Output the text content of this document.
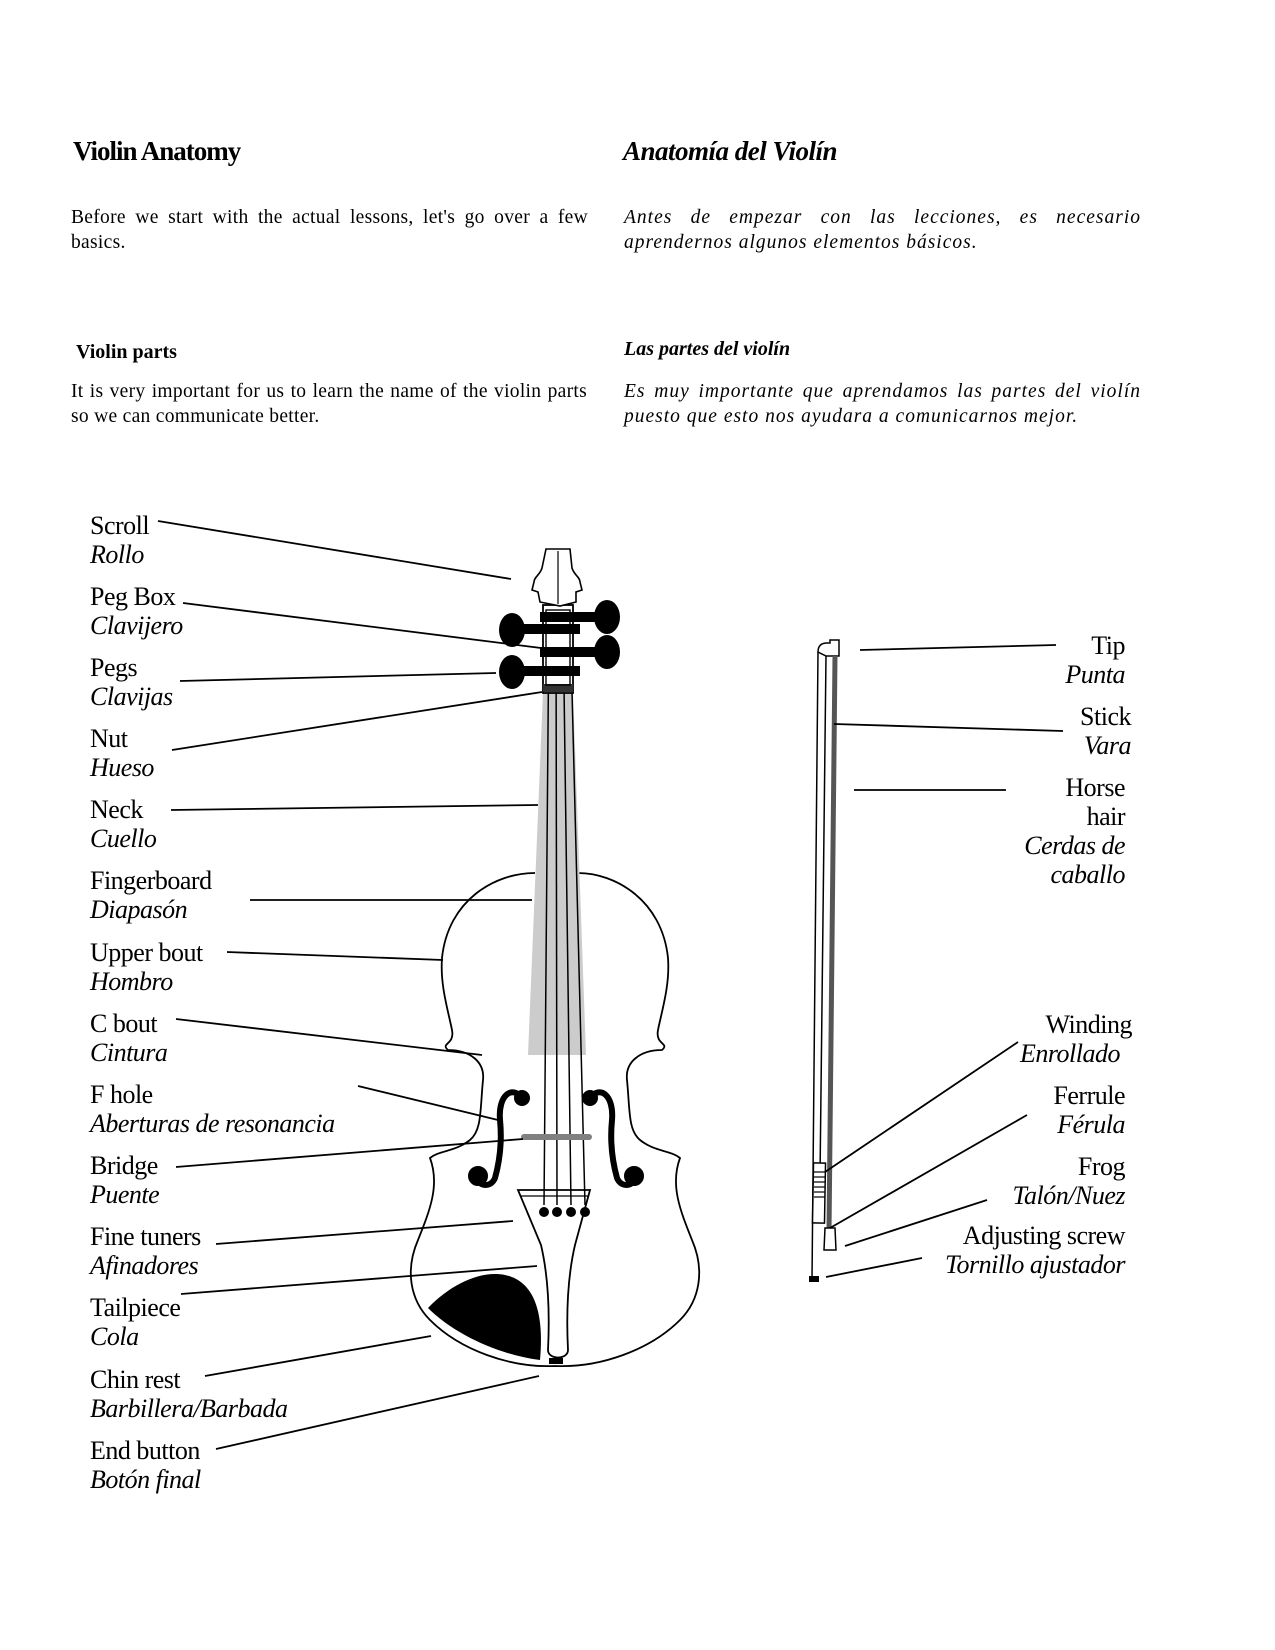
Violin Anatomy	Anatomía del Violín
Before we start with the actual lessons, let's go over a few basics.
Antes de empezar con las lecciones, es necesario aprendernos algunos elementos básicos.
Violin parts	Las partes del violín
It is very important for us to learn the name of the violin parts so we can communicate better.
Es muy importante que aprendamos las partes del violín puesto que esto nos ayudara a comunicarnos mejor.
Scroll
Rollo
Peg Box
Clavijero
Pegs
Clavijas
Nut
Hueso
Neck
Cuello
Fingerboard
Diapasón
Upper bout
Hombro
C bout
Cintura
F hole
Aberturas de resonancia
Bridge
Puente
Fine tuners
Afinadores
Tailpiece
Cola
Chin rest
Barbillera/Barbada
End button
Botón final
Tip
Punta
Stick
Vara
Horse
hair
Cerdas de
caballo
Winding
Enrollado
Ferrule
Férula
Frog
Talón/Nuez
Adjusting screw
Tornillo ajustador
